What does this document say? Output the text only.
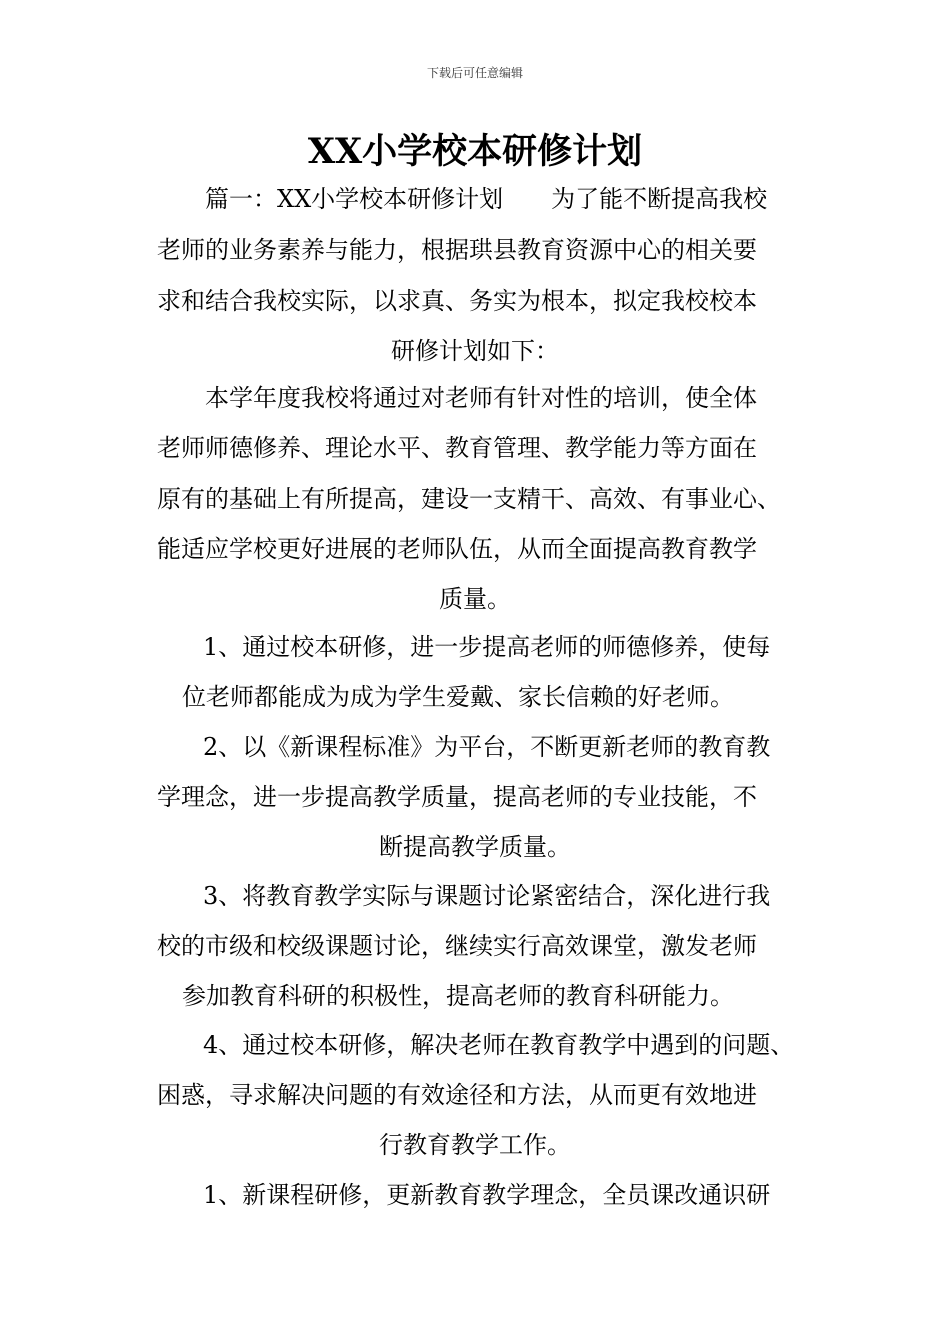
下载后可任意编辑
XX小学校本研修计划
篇一：XX小学校本研修计划　　为了能不断提高我校
老师的业务素养与能力，根据珙县教育资源中心的相关要
求和结合我校实际，以求真、务实为根本，拟定我校校本
研修计划如下：
本学年度我校将通过对老师有针对性的培训，使全体
老师师德修养、理论水平、教育管理、教学能力等方面在
原有的基础上有所提高，建设一支精干、高效、有事业心、
能适应学校更好进展的老师队伍，从而全面提高教育教学
质量。
1、通过校本研修，进一步提高老师的师德修养，使每
位老师都能成为成为学生爱戴、家长信赖的好老师。
2、以《新课程标准》为平台，不断更新老师的教育教
学理念，进一步提高教学质量，提高老师的专业技能，不
断提高教学质量。
3、将教育教学实际与课题讨论紧密结合，深化进行我
校的市级和校级课题讨论，继续实行高效课堂，激发老师
参加教育科研的积极性，提高老师的教育科研能力。
4、通过校本研修，解决老师在教育教学中遇到的问题、
困惑，寻求解决问题的有效途径和方法，从而更有效地进
行教育教学工作。
1、新课程研修，更新教育教学理念，全员课改通识研
